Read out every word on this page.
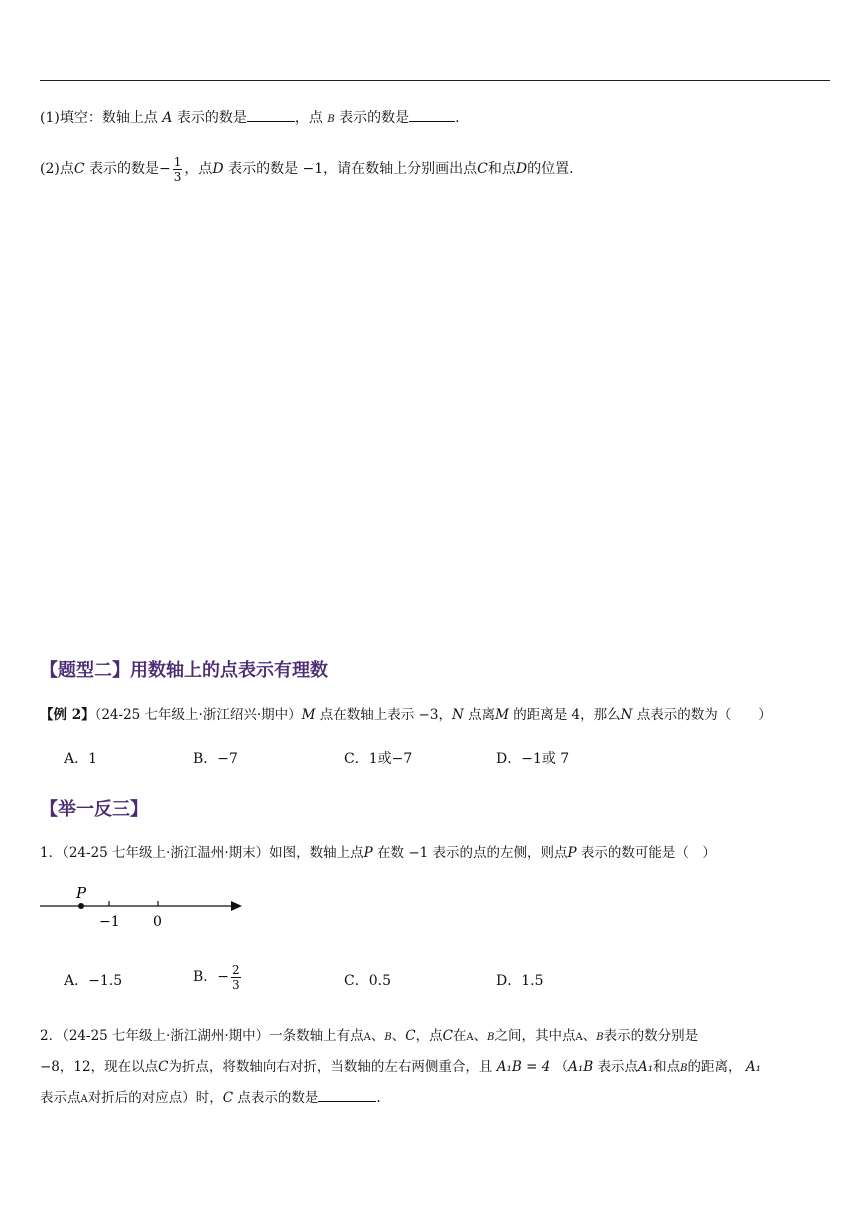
(1)填空：数轴上点 A 表示的数是	，点 B 表示的数是	.
(2)点C 表示的数是− $\frac{1}{3}$ ，点D 表示的数是 −1，请在数轴上分别画出点C和点D的位置.
【题型二】用数轴上的点表示有理数
【例 2】（24-25 七年级上·浙江绍兴·期中）M 点在数轴上表示 −3，N 点离M 的距离是 4，那么N 点表示的数为（　　）
A．1	B．−7	C．1或−7	D．−1或 7
【举一反三】
1．（24-25 七年级上·浙江温州·期末）如图，数轴上点P 在数 −1 表示的点的左侧，则点P 表示的数可能是（　）
P
−1 0
A．−1.5	B．− $\frac{2}{3}$	C．0.5	D．1.5
2．（24-25 七年级上·浙江湖州·期中）一条数轴上有点A、B、C，点C在A、B之间，其中点A、B表示的数分别是
−8，12，现在以点C为折点，将数轴向右对折，当数轴的左右两侧重合，且 A₁B = 4 （A₁B 表示点A₁和点B的距离， A₁
表示点A对折后的对应点）时，C 点表示的数是	.
